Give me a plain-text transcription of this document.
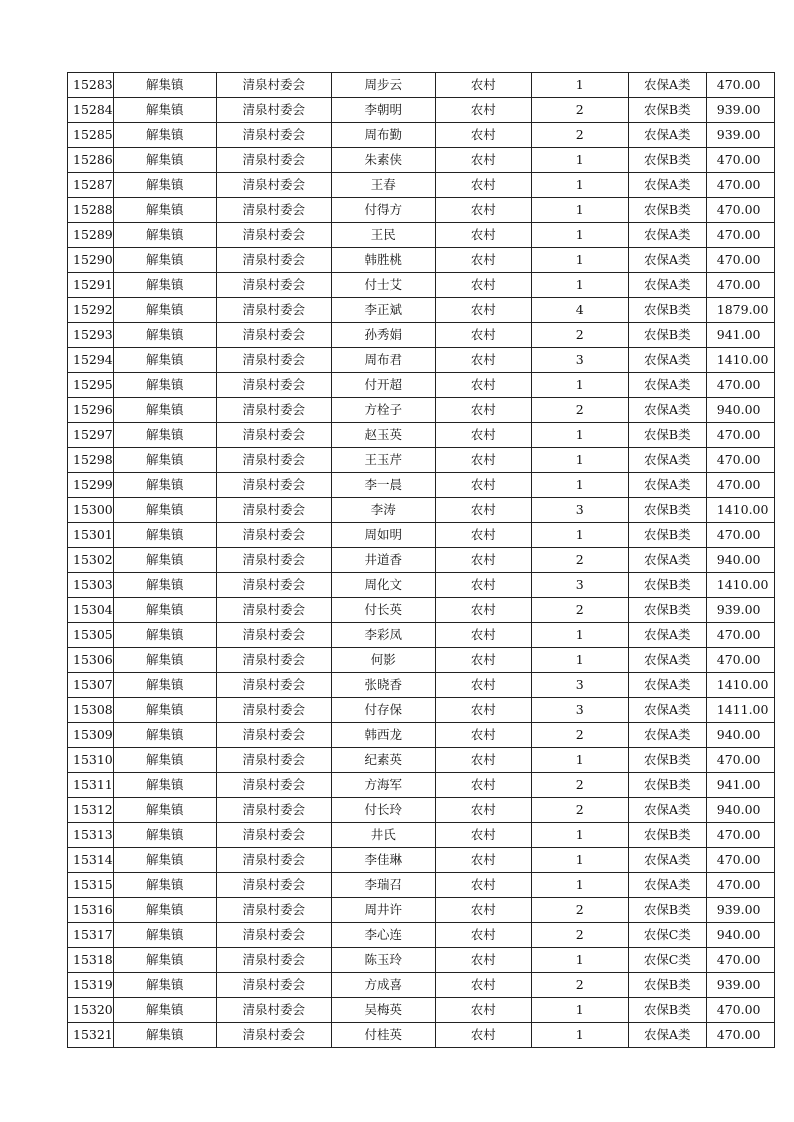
15283	解集镇	清泉村委会	周步云	农村	1	农保A类	470.00
15284	解集镇	清泉村委会	李朝明	农村	2	农保B类	939.00
15285	解集镇	清泉村委会	周布勤	农村	2	农保A类	939.00
15286	解集镇	清泉村委会	朱素侠	农村	1	农保B类	470.00
15287	解集镇	清泉村委会	王春	农村	1	农保A类	470.00
15288	解集镇	清泉村委会	付得方	农村	1	农保B类	470.00
15289	解集镇	清泉村委会	王民	农村	1	农保A类	470.00
15290	解集镇	清泉村委会	韩胜桃	农村	1	农保A类	470.00
15291	解集镇	清泉村委会	付士艾	农村	1	农保A类	470.00
15292	解集镇	清泉村委会	李正斌	农村	4	农保B类	1879.00
15293	解集镇	清泉村委会	孙秀娟	农村	2	农保B类	941.00
15294	解集镇	清泉村委会	周布君	农村	3	农保A类	1410.00
15295	解集镇	清泉村委会	付开超	农村	1	农保A类	470.00
15296	解集镇	清泉村委会	方栓子	农村	2	农保A类	940.00
15297	解集镇	清泉村委会	赵玉英	农村	1	农保B类	470.00
15298	解集镇	清泉村委会	王玉芹	农村	1	农保A类	470.00
15299	解集镇	清泉村委会	李一晨	农村	1	农保A类	470.00
15300	解集镇	清泉村委会	李涛	农村	3	农保B类	1410.00
15301	解集镇	清泉村委会	周如明	农村	1	农保B类	470.00
15302	解集镇	清泉村委会	井道香	农村	2	农保A类	940.00
15303	解集镇	清泉村委会	周化文	农村	3	农保B类	1410.00
15304	解集镇	清泉村委会	付长英	农村	2	农保B类	939.00
15305	解集镇	清泉村委会	李彩凤	农村	1	农保A类	470.00
15306	解集镇	清泉村委会	何影	农村	1	农保A类	470.00
15307	解集镇	清泉村委会	张晓香	农村	3	农保A类	1410.00
15308	解集镇	清泉村委会	付存保	农村	3	农保A类	1411.00
15309	解集镇	清泉村委会	韩西龙	农村	2	农保A类	940.00
15310	解集镇	清泉村委会	纪素英	农村	1	农保B类	470.00
15311	解集镇	清泉村委会	方海军	农村	2	农保B类	941.00
15312	解集镇	清泉村委会	付长玲	农村	2	农保A类	940.00
15313	解集镇	清泉村委会	井氏	农村	1	农保B类	470.00
15314	解集镇	清泉村委会	李佳琳	农村	1	农保A类	470.00
15315	解集镇	清泉村委会	李瑞召	农村	1	农保A类	470.00
15316	解集镇	清泉村委会	周井许	农村	2	农保B类	939.00
15317	解集镇	清泉村委会	李心连	农村	2	农保C类	940.00
15318	解集镇	清泉村委会	陈玉玲	农村	1	农保C类	470.00
15319	解集镇	清泉村委会	方成喜	农村	2	农保B类	939.00
15320	解集镇	清泉村委会	吴梅英	农村	1	农保B类	470.00
15321	解集镇	清泉村委会	付桂英	农村	1	农保A类	470.00
